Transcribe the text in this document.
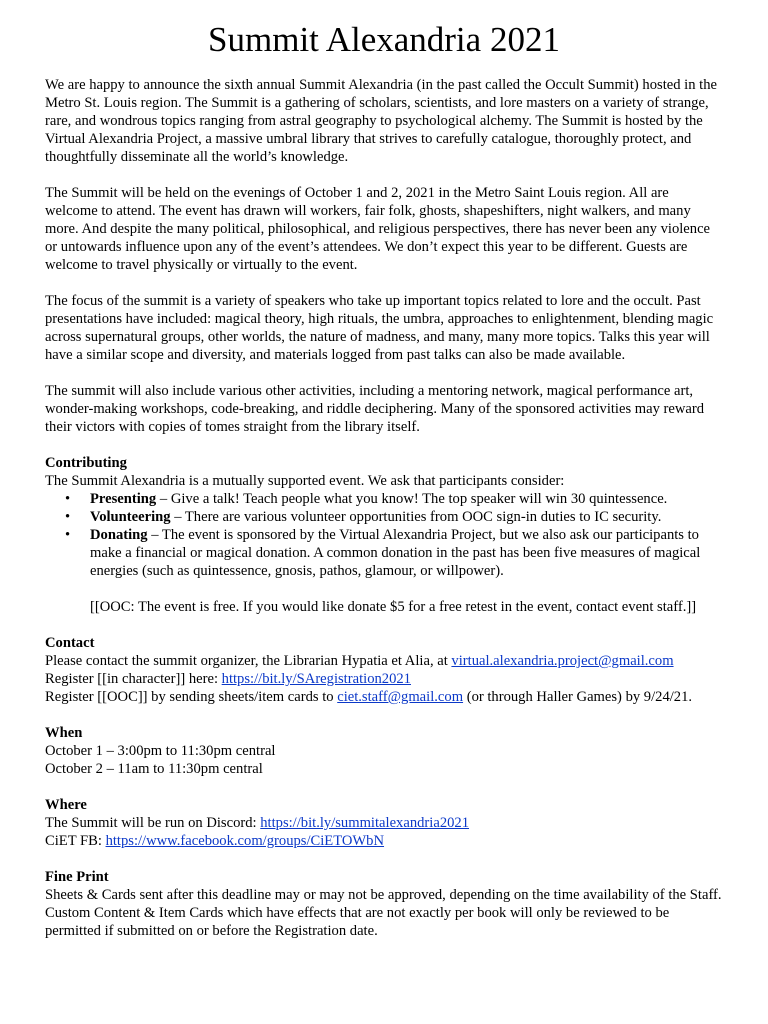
Summit Alexandria 2021

We are happy to announce the sixth annual Summit Alexandria (in the past called the Occult Summit) hosted in the Metro St. Louis region. The Summit is a gathering of scholars, scientists, and lore masters on a variety of strange, rare, and wondrous topics ranging from astral geography to psychological alchemy. The Summit is hosted by the Virtual Alexandria Project, a massive umbral library that strives to carefully catalogue, thoroughly protect, and thoughtfully disseminate all the world’s knowledge.

The Summit will be held on the evenings of October 1 and 2, 2021 in the Metro Saint Louis region. All are welcome to attend. The event has drawn will workers, fair folk, ghosts, shapeshifters, night walkers, and many more. And despite the many political, philosophical, and religious perspectives, there has never been any violence or untowards influence upon any of the event’s attendees. We don’t expect this year to be different. Guests are welcome to travel physically or virtually to the event.

The focus of the summit is a variety of speakers who take up important topics related to lore and the occult. Past presentations have included: magical theory, high rituals, the umbra, approaches to enlightenment, blending magic across supernatural groups, other worlds, the nature of madness, and many, many more topics. Talks this year will have a similar scope and diversity, and materials logged from past talks can also be made available.

The summit will also include various other activities, including a mentoring network, magical performance art, wonder-making workshops, code-breaking, and riddle deciphering. Many of the sponsored activities may reward their victors with copies of tomes straight from the library itself.

Contributing

The Summit Alexandria is a mutually supported event. We ask that participants consider:

• Presenting – Give a talk! Teach people what you know! The top speaker will win 30 quintessence.
• Volunteering – There are various volunteer opportunities from OOC sign-in duties to IC security.
• Donating – The event is sponsored by the Virtual Alexandria Project, but we also ask our participants to make a financial or magical donation. A common donation in the past has been five measures of magical energies (such as quintessence, gnosis, pathos, glamour, or willpower).

[[OOC: The event is free. If you would like donate $5 for a free retest in the event, contact event staff.]]

Contact

Please contact the summit organizer, the Librarian Hypatia et Alia, at virtual.alexandria.project@gmail.com

Register [[in character]] here: https://bit.ly/SAregistration2021

Register [[OOC]] by sending sheets/item cards to ciet.staff@gmail.com (or through Haller Games) by 9/24/21.

When

October 1 – 3:00pm to 11:30pm central

October 2 – 11am to 11:30pm central

Where

The Summit will be run on Discord: https://bit.ly/summitalexandria2021

CiET FB: https://www.facebook.com/groups/CiETOWbN

Fine Print

Sheets & Cards sent after this deadline may or may not be approved, depending on the time availability of the Staff.

Custom Content & Item Cards which have effects that are not exactly per book will only be reviewed to be permitted if submitted on or before the Registration date.
